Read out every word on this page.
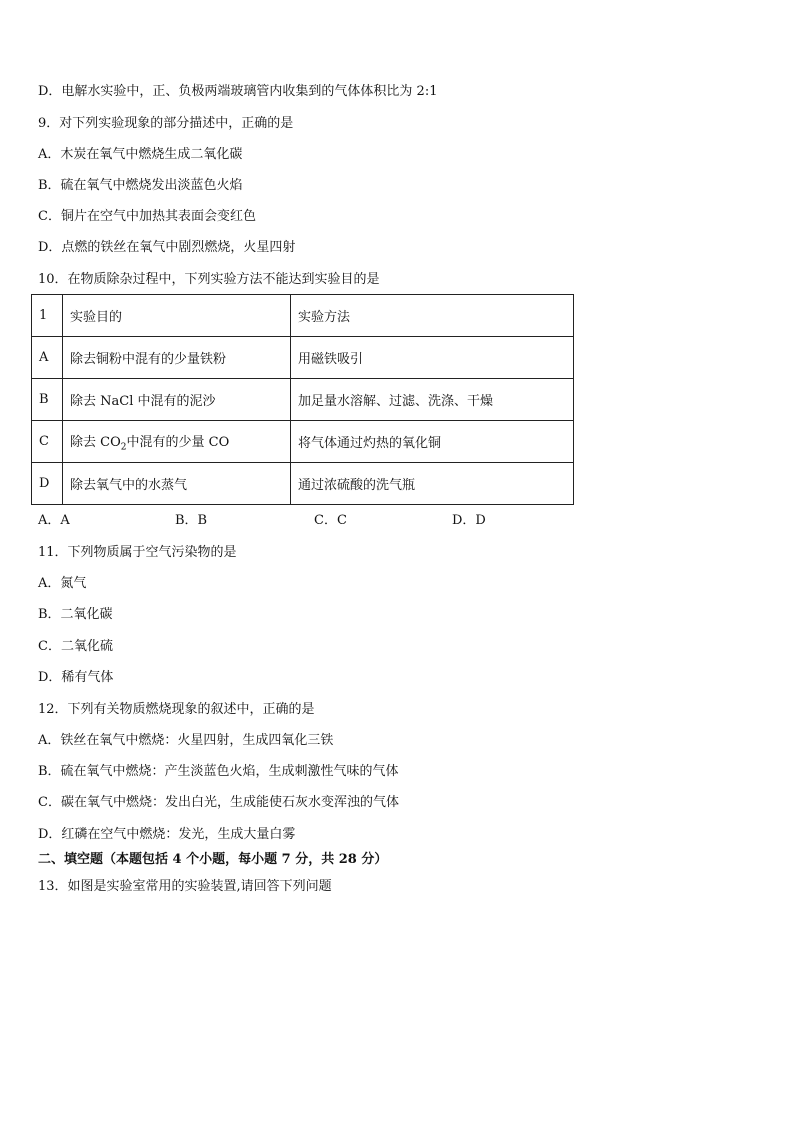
D．电解水实验中，正、负极两端玻璃管内收集到的气体体积比为 2:1
9．对下列实验现象的部分描述中，正确的是
A．木炭在氧气中燃烧生成二氧化碳
B．硫在氧气中燃烧发出淡蓝色火焰
C．铜片在空气中加热其表面会变红色
D．点燃的铁丝在氧气中剧烈燃烧，火星四射
10．在物质除杂过程中，下列实验方法不能达到实验目的是
1	实验目的	实验方法
A	除去铜粉中混有的少量铁粉	用磁铁吸引
B	除去 NaCl 中混有的泥沙	加足量水溶解、过滤、洗涤、干燥
C	除去 $CO_2$中混有的少量 CO	将气体通过灼热的氧化铜
D	除去氧气中的水蒸气	通过浓硫酸的洗气瓶
A．A	B．B	C．C	D．D
11．下列物质属于空气污染物的是
A．氮气
B．二氧化碳
C．二氧化硫
D．稀有气体
12．下列有关物质燃烧现象的叙述中，正确的是
A．铁丝在氧气中燃烧：火星四射，生成四氧化三铁
B．硫在氧气中燃烧：产生淡蓝色火焰，生成刺激性气味的气体
C．碳在氧气中燃烧：发出白光，生成能使石灰水变浑浊的气体
D．红磷在空气中燃烧：发光，生成大量白雾
二、填空题（本题包括 4 个小题，每小题 7 分，共 28 分）
13．如图是实验室常用的实验装置,请回答下列问题
